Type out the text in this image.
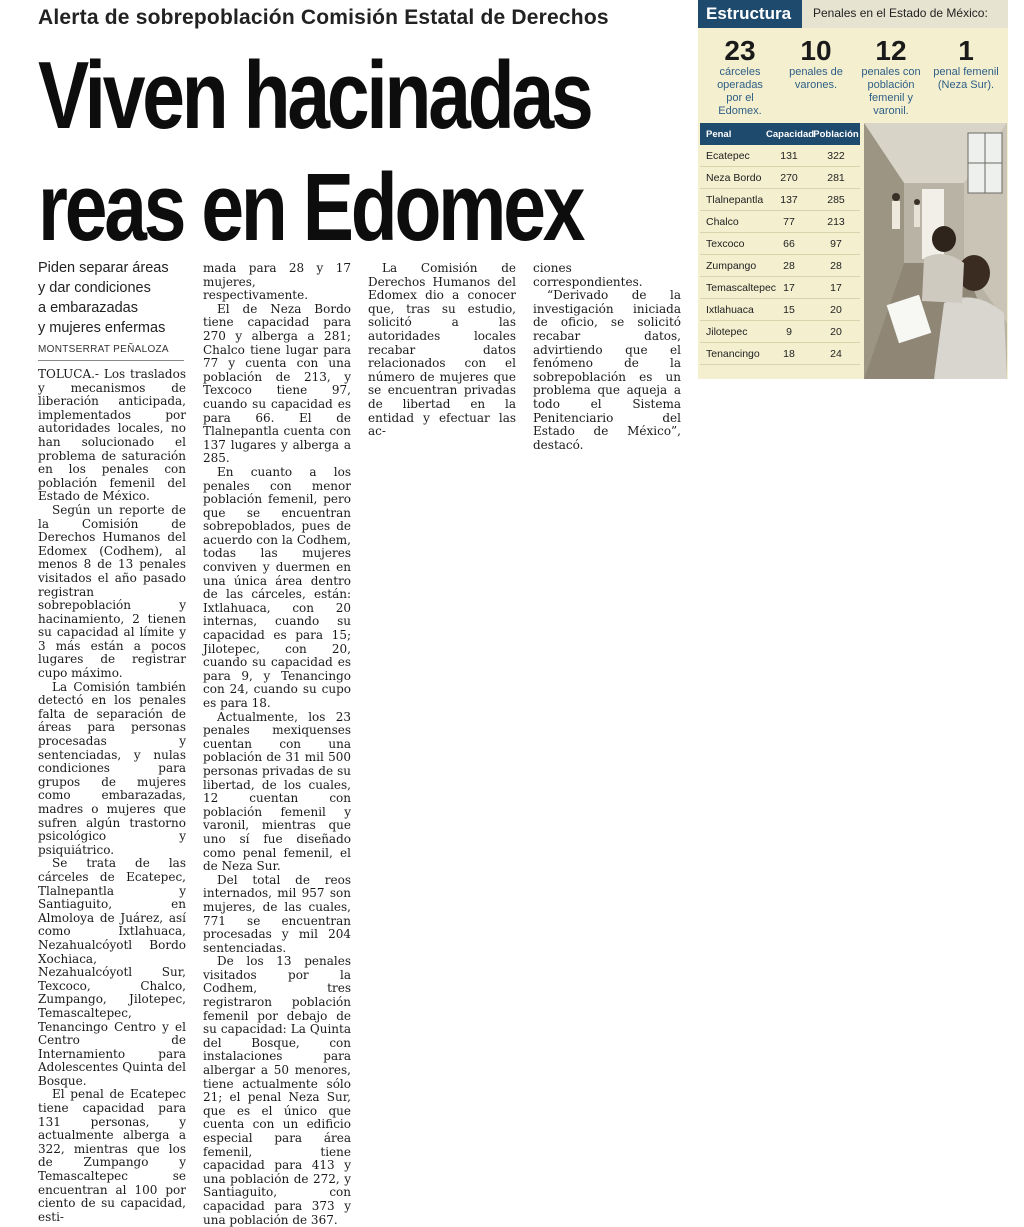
Alerta de sobrepoblación Comisión Estatal de Derechos
Viven hacinadas
reas en Edomex
Piden separar áreas
y dar condiciones
a embarazadas
y mujeres enfermas
MONTSERRAT PEÑALOZA

TOLUCA.- Los traslados y mecanismos de liberación anticipada, implementados por autoridades locales, no han solucionado el problema de saturación en los penales con población femenil del Estado de México.

Según un reporte de la Comisión de Derechos Humanos del Edomex (Codhem), al menos 8 de 13 penales visitados el año pasado registran sobrepoblación y hacinamiento, 2 tienen su capacidad al límite y 3 más están a pocos lugares de registrar cupo máximo.

La Comisión también detectó en los penales falta de separación de áreas para personas procesadas y sentenciadas, y nulas condiciones para grupos de mujeres como embarazadas, madres o mujeres que sufren algún trastorno psicológico y psiquiátrico.

Se trata de las cárceles de Ecatepec, Tlalnepantla y Santiaguito, en Almoloya de Juárez, así como Ixtlahuaca, Nezahualcóyotl Bordo Xochiaca, Nezahualcóyotl Sur, Texcoco, Chalco, Zumpango, Jilotepec, Temascaltepec, Tenancingo Centro y el Centro de Internamiento para Adolescentes Quinta del Bosque.

El penal de Ecatepec tiene capacidad para 131 personas, y actualmente alberga a 322, mientras que los de Zumpango y Temascaltepec se encuentran al 100 por ciento de su capacidad, esti-

mada para 28 y 17 mujeres, respectivamente.

El de Neza Bordo tiene capacidad para 270 y alberga a 281; Chalco tiene lugar para 77 y cuenta con una población de 213, y Texcoco tiene 97, cuando su capacidad es para 66. El de Tlalnepantla cuenta con 137 lugares y alberga a 285.

En cuanto a los penales con menor población femenil, pero que se encuentran sobrepoblados, pues de acuerdo con la Codhem, todas las mujeres conviven y duermen en una única área dentro de las cárceles, están: Ixtlahuaca, con 20 internas, cuando su capacidad es para 15; Jilotepec, con 20, cuando su capacidad es para 9, y Tenancingo con 24, cuando su cupo es para 18.

Actualmente, los 23 penales mexiquenses cuentan con una población de 31 mil 500 personas privadas de su libertad, de los cuales, 12 cuentan con población femenil y varonil, mientras que uno sí fue diseñado como penal femenil, el de Neza Sur.

Del total de reos internados, mil 957 son mujeres, de las cuales, 771 se encuentran procesadas y mil 204 sentenciadas.

De los 13 penales visitados por la Codhem, tres registraron población femenil por debajo de su capacidad: La Quinta del Bosque, con instalaciones para albergar a 50 menores, tiene actualmente sólo 21; el penal Neza Sur, que es el único que cuenta con un edificio especial para área femenil, tiene capacidad para 413 y una población de 272, y Santiaguito, con capacidad para 373 y una población de 367.

La Comisión de Derechos Humanos del Edomex dio a conocer que, tras su estudio, solicitó a las autoridades locales recabar datos relacionados con el número de mujeres que se encuentran privadas de libertad en la entidad y efectuar las ac-

ciones correspondientes.

“Derivado de la investigación iniciada de oficio, se solicitó recabar datos, advirtiendo que el fenómeno de la sobrepoblación es un problema que aqueja a todo el Sistema Penitenciario del Estado de México”, destacó.

Estructura	Penales en el Estado de México:
23
cárceles operadas por el Edomex.
10
penales de varones.
12
penales con población femenil y varonil.
1
penal femenil (Neza Sur).
Penal	Capacidad Población
Ecatepec	131	322
Neza Bordo	270	281
Tlalnepantla	137	285
Chalco	77	213
Texcoco	66	97
Zumpango	28	28
Temascaltepec 17	17
Ixtlahuaca	15	20
Jilotepec	9	20
Tenancingo	18	24
